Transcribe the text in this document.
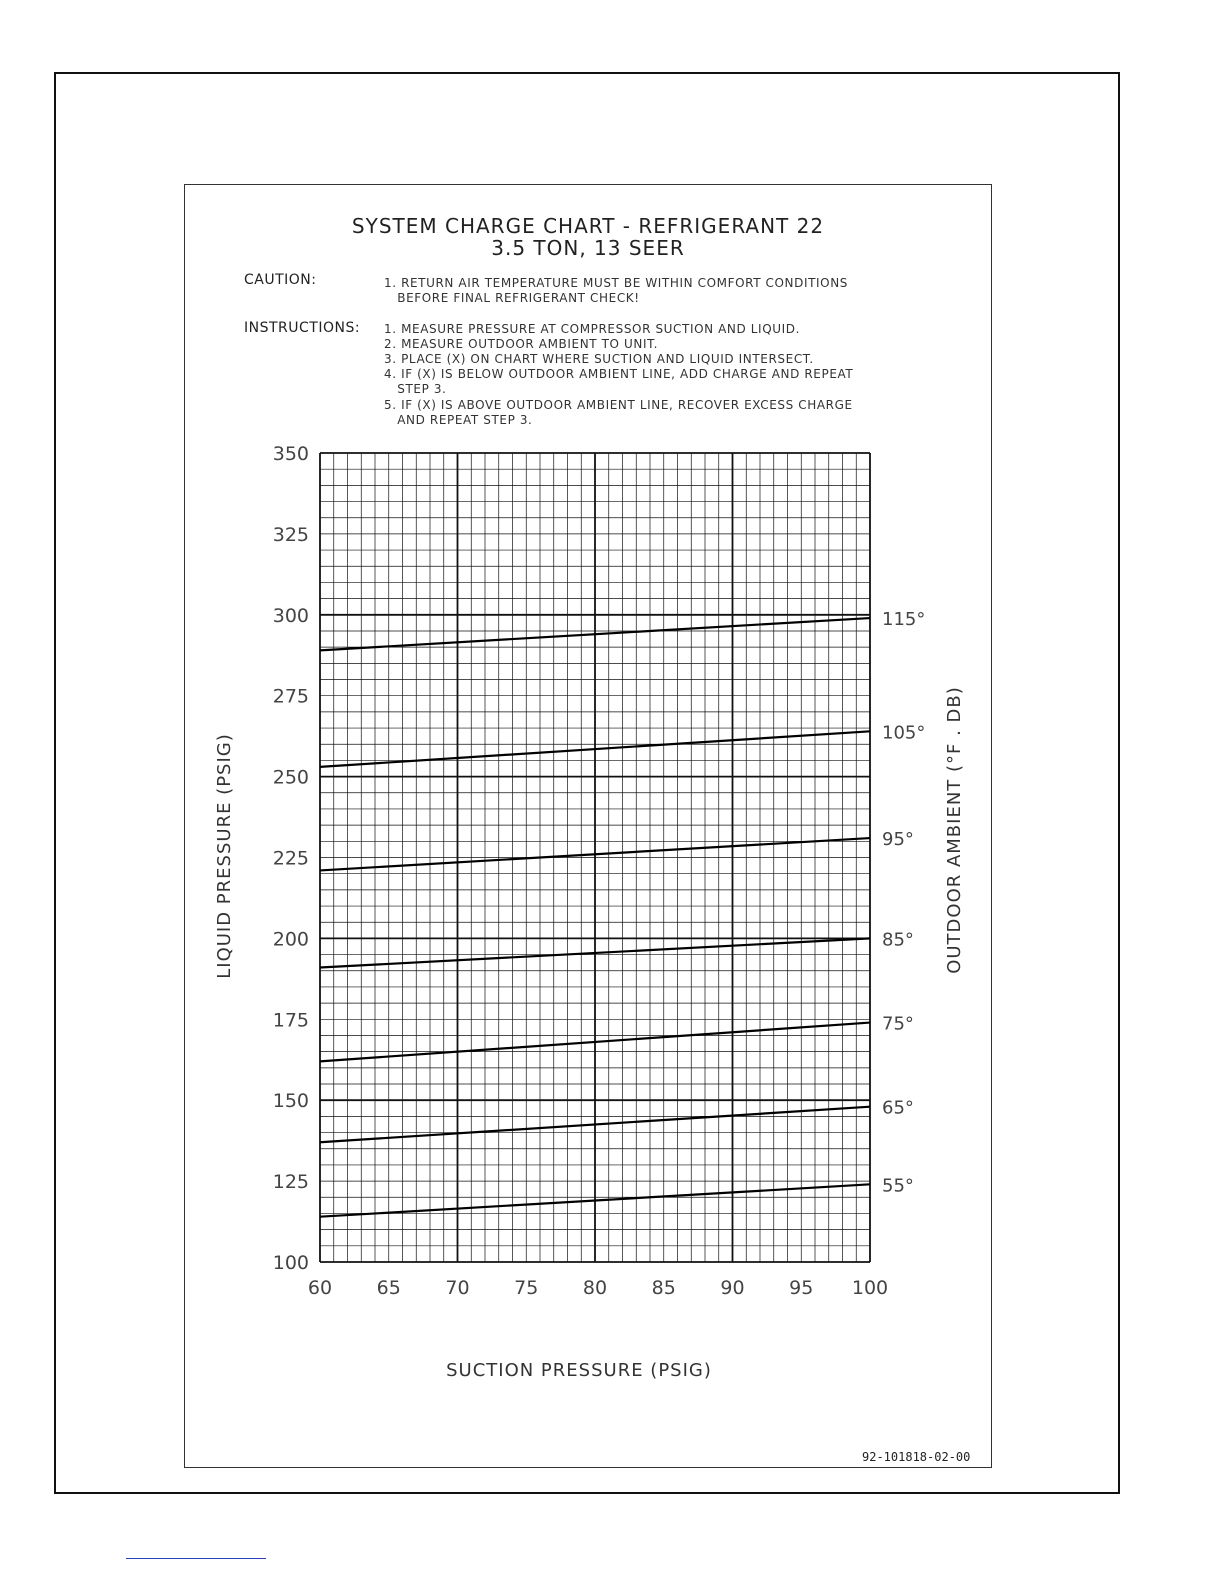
SYSTEM CHARGE CHART - REFRIGERANT 22
3.5 TON, 13 SEER
CAUTION:	1. RETURN AIR TEMPERATURE MUST BE WITHIN COMFORT CONDITIONS
BEFORE FINAL REFRIGERANT CHECK!
INSTRUCTIONS: 1. MEASURE PRESSURE AT COMPRESSOR SUCTION AND LIQUID.
2. MEASURE OUTDOOR AMBIENT TO UNIT.
3. PLACE (X) ON CHART WHERE SUCTION AND LIQUID INTERSECT.
4. IF (X) IS BELOW OUTDOOR AMBIENT LINE, ADD CHARGE AND REPEAT
STEP 3.
5. IF (X) IS ABOVE OUTDOOR AMBIENT LINE, RECOVER EXCESS CHARGE
AND REPEAT STEP 3.
60 65 70 75 80 85 90 95 100
100
125
150
175
200
225
250
275
300
325
350
55°
65°
75°
85°
95°
105°
115°
SUCTION PRESSURE (PSIG)
LIQUID PRESSURE (PSIG)	OUTDOOR AMBIENT (°F . DB)
92-101818-02-00
